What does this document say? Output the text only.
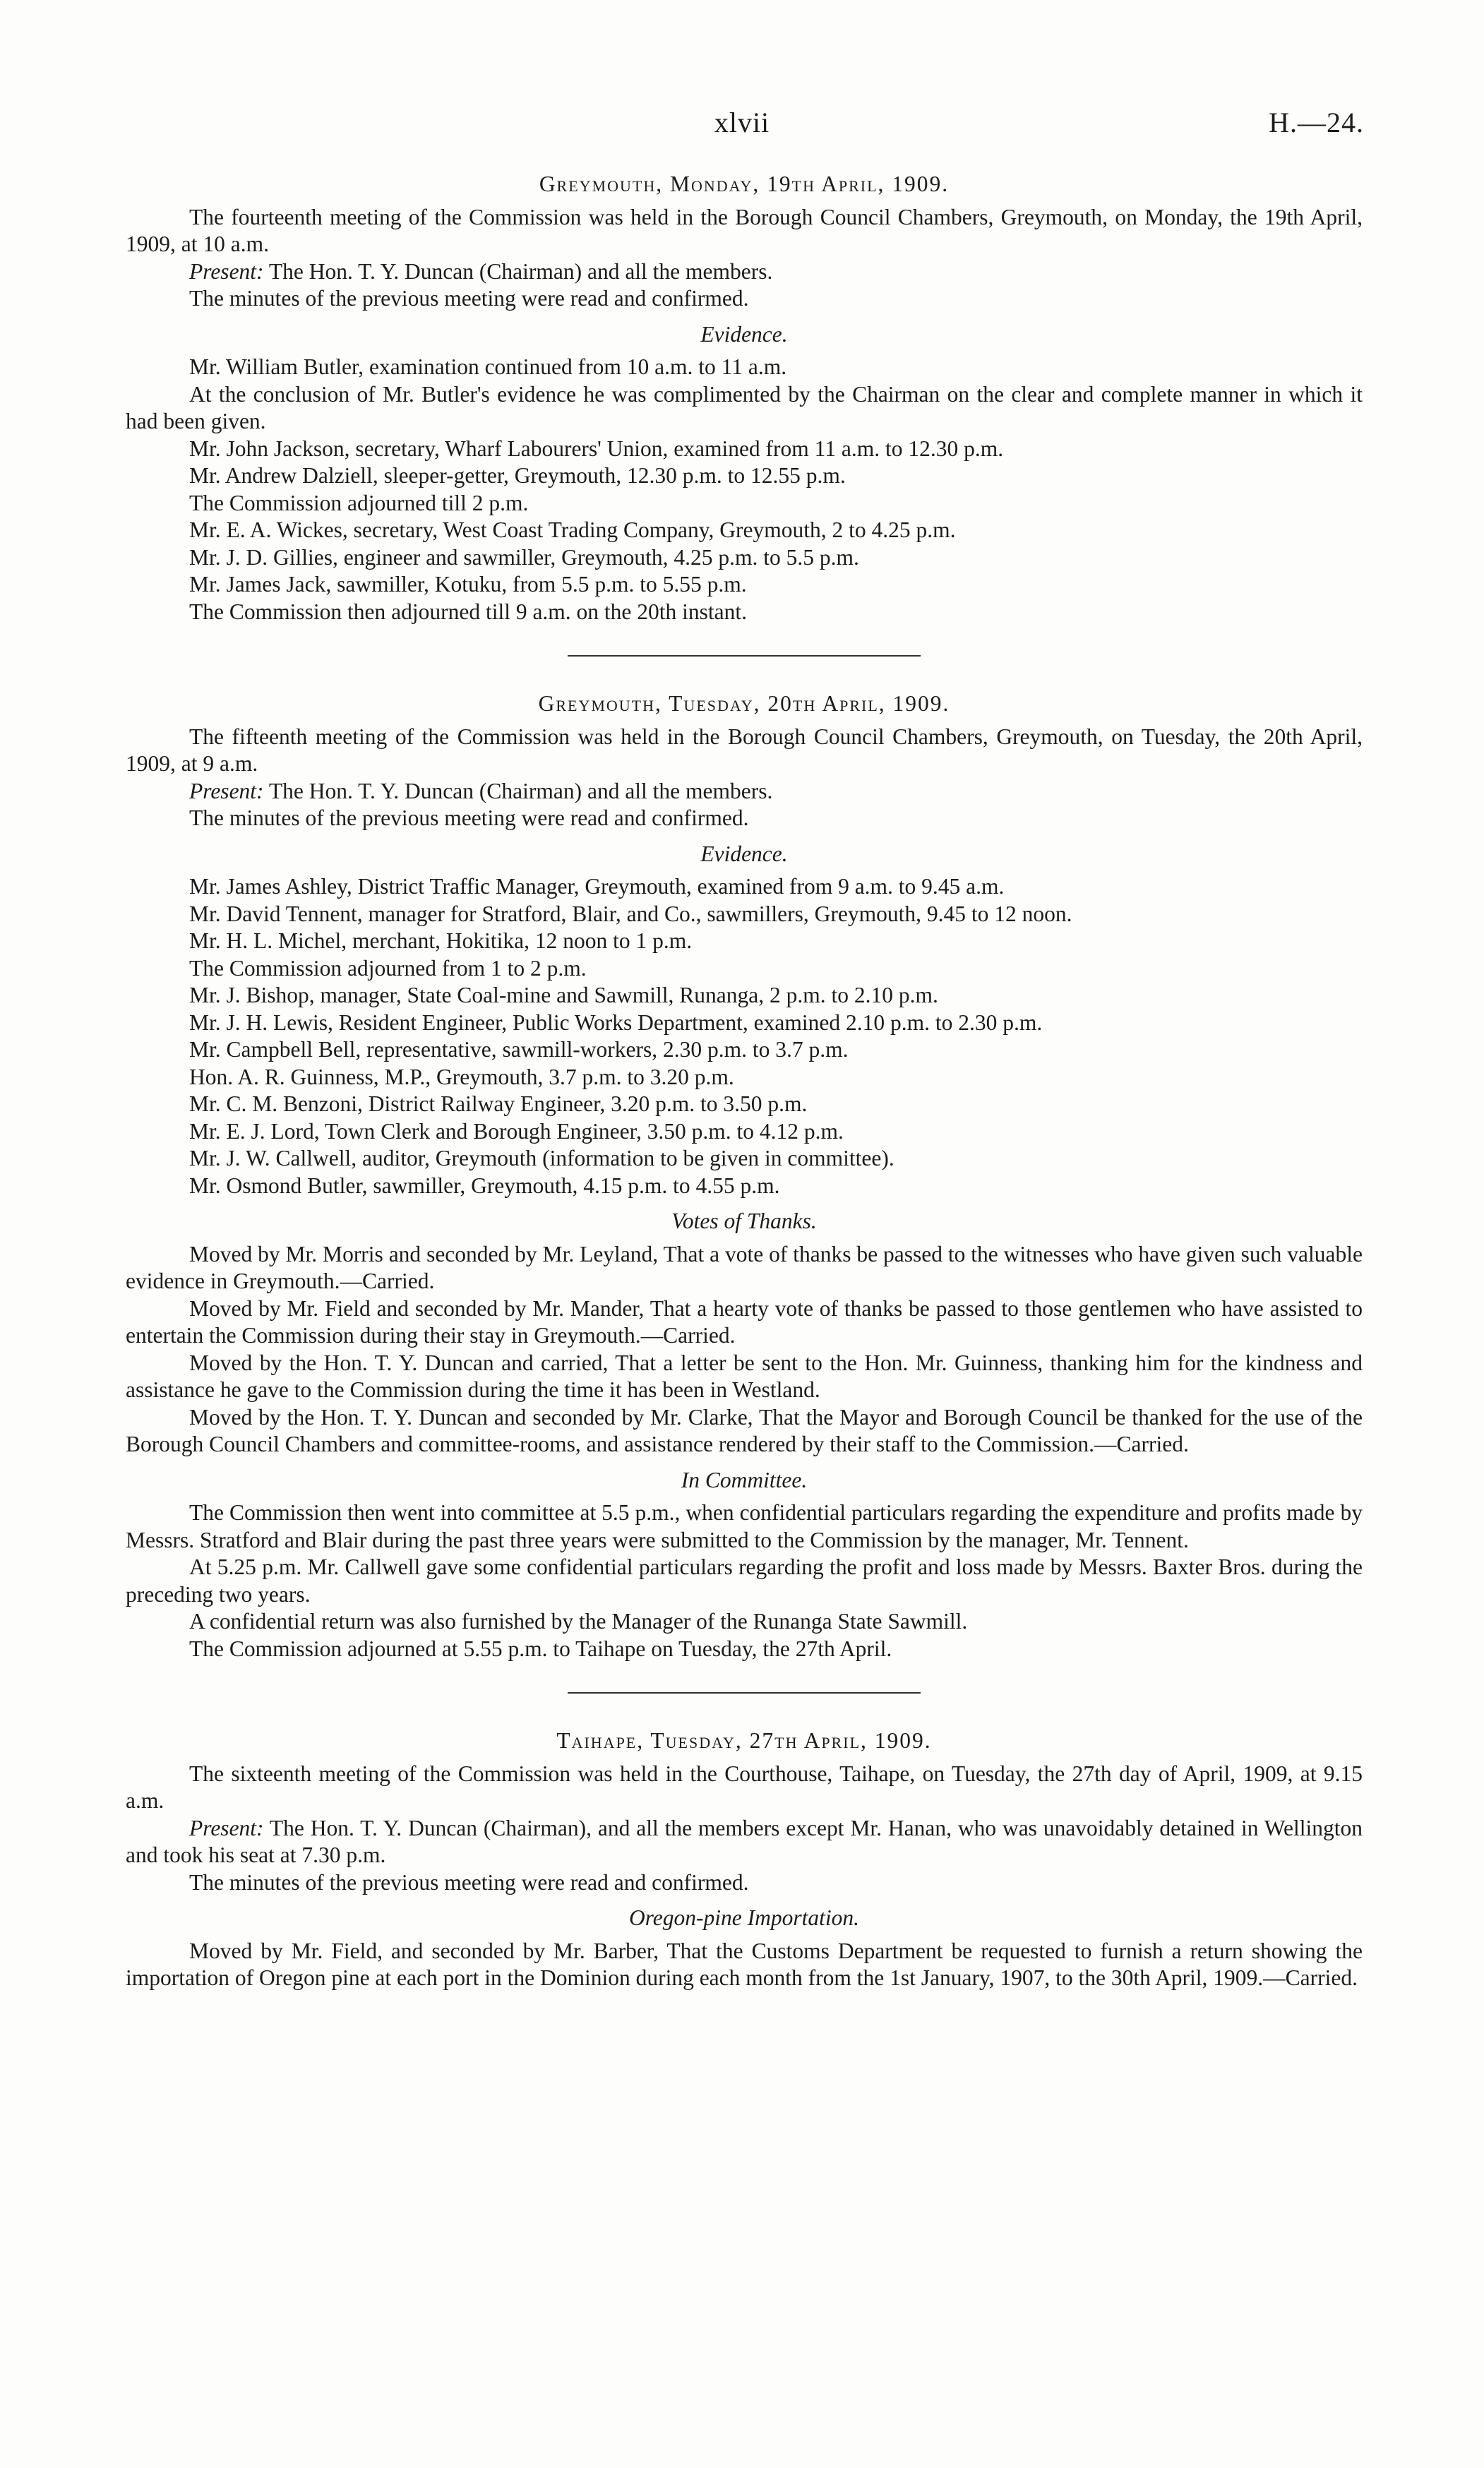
xlvii	H.—24.
Greymouth, Monday, 19th April, 1909.

The fourteenth meeting of the Commission was held in the Borough Council Chambers, Greymouth, on Monday, the 19th April, 1909, at 10 a.m.

Present: The Hon. T. Y. Duncan (Chairman) and all the members.

The minutes of the previous meeting were read and confirmed.

Evidence.

Mr. William Butler, examination continued from 10 a.m. to 11 a.m.

At the conclusion of Mr. Butler's evidence he was complimented by the Chairman on the clear and complete manner in which it had been given.

Mr. John Jackson, secretary, Wharf Labourers' Union, examined from 11 a.m. to 12.30 p.m.

Mr. Andrew Dalziell, sleeper-getter, Greymouth, 12.30 p.m. to 12.55 p.m.

The Commission adjourned till 2 p.m.

Mr. E. A. Wickes, secretary, West Coast Trading Company, Greymouth, 2 to 4.25 p.m.

Mr. J. D. Gillies, engineer and sawmiller, Greymouth, 4.25 p.m. to 5.5 p.m.

Mr. James Jack, sawmiller, Kotuku, from 5.5 p.m. to 5.55 p.m.

The Commission then adjourned till 9 a.m. on the 20th instant.

Greymouth, Tuesday, 20th April, 1909.

The fifteenth meeting of the Commission was held in the Borough Council Chambers, Greymouth, on Tuesday, the 20th April, 1909, at 9 a.m.

Present: The Hon. T. Y. Duncan (Chairman) and all the members.

The minutes of the previous meeting were read and confirmed.

Evidence.

Mr. James Ashley, District Traffic Manager, Greymouth, examined from 9 a.m. to 9.45 a.m.

Mr. David Tennent, manager for Stratford, Blair, and Co., sawmillers, Greymouth, 9.45 to 12 noon.

Mr. H. L. Michel, merchant, Hokitika, 12 noon to 1 p.m.

The Commission adjourned from 1 to 2 p.m.

Mr. J. Bishop, manager, State Coal-mine and Sawmill, Runanga, 2 p.m. to 2.10 p.m.

Mr. J. H. Lewis, Resident Engineer, Public Works Department, examined 2.10 p.m. to 2.30 p.m.

Mr. Campbell Bell, representative, sawmill-workers, 2.30 p.m. to 3.7 p.m.

Hon. A. R. Guinness, M.P., Greymouth, 3.7 p.m. to 3.20 p.m.

Mr. C. M. Benzoni, District Railway Engineer, 3.20 p.m. to 3.50 p.m.

Mr. E. J. Lord, Town Clerk and Borough Engineer, 3.50 p.m. to 4.12 p.m.

Mr. J. W. Callwell, auditor, Greymouth (information to be given in committee).

Mr. Osmond Butler, sawmiller, Greymouth, 4.15 p.m. to 4.55 p.m.

Votes of Thanks.

Moved by Mr. Morris and seconded by Mr. Leyland, That a vote of thanks be passed to the witnesses who have given such valuable evidence in Greymouth.—Carried.

Moved by Mr. Field and seconded by Mr. Mander, That a hearty vote of thanks be passed to those gentlemen who have assisted to entertain the Commission during their stay in Greymouth.—Carried.

Moved by the Hon. T. Y. Duncan and carried, That a letter be sent to the Hon. Mr. Guinness, thanking him for the kindness and assistance he gave to the Commission during the time it has been in Westland.

Moved by the Hon. T. Y. Duncan and seconded by Mr. Clarke, That the Mayor and Borough Council be thanked for the use of the Borough Council Chambers and committee-rooms, and assistance rendered by their staff to the Commission.—Carried.

In Committee.

The Commission then went into committee at 5.5 p.m., when confidential particulars regarding the expenditure and profits made by Messrs. Stratford and Blair during the past three years were submitted to the Commission by the manager, Mr. Tennent.

At 5.25 p.m. Mr. Callwell gave some confidential particulars regarding the profit and loss made by Messrs. Baxter Bros. during the preceding two years.

A confidential return was also furnished by the Manager of the Runanga State Sawmill.

The Commission adjourned at 5.55 p.m. to Taihape on Tuesday, the 27th April.

Taihape, Tuesday, 27th April, 1909.

The sixteenth meeting of the Commission was held in the Courthouse, Taihape, on Tuesday, the 27th day of April, 1909, at 9.15 a.m.

Present: The Hon. T. Y. Duncan (Chairman), and all the members except Mr. Hanan, who was unavoidably detained in Wellington and took his seat at 7.30 p.m.

The minutes of the previous meeting were read and confirmed.

Oregon-pine Importation.

Moved by Mr. Field, and seconded by Mr. Barber, That the Customs Department be requested to furnish a return showing the importation of Oregon pine at each port in the Dominion during each month from the 1st January, 1907, to the 30th April, 1909.—Carried.
